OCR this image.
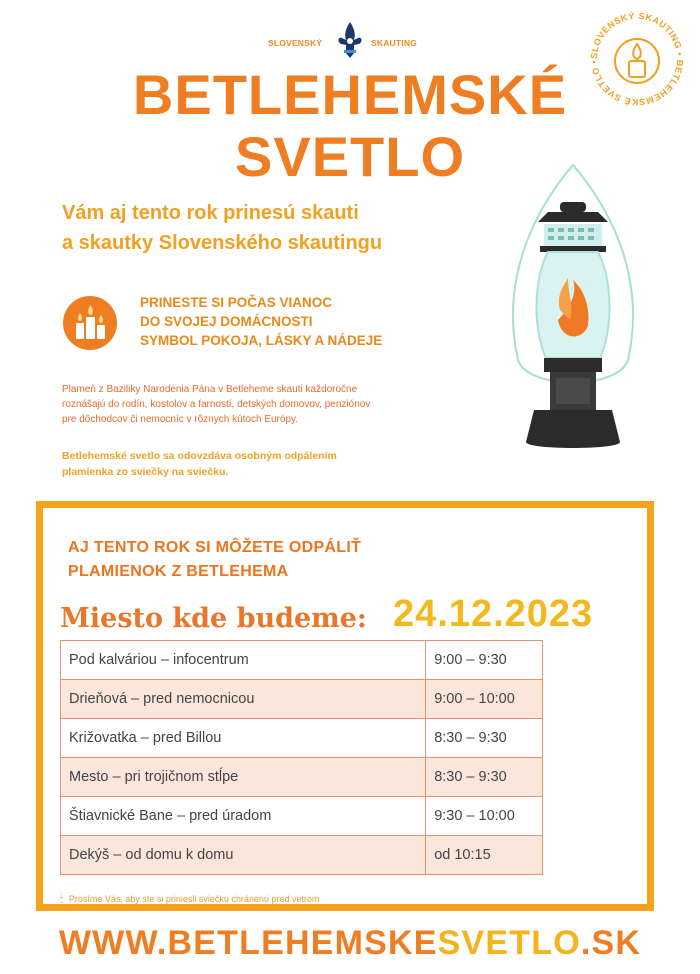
SLOVENSKÝ	SKAUTING
SLOVENSKÝ SKAUTING • BETLEHEMSKÉ SVETLO •
BETLEHEMSKÉ
SVETLO
Vám aj tento rok prinesú skauti
a skautky Slovenského skautingu
PRINESTE SI POČAS VIANOC
DO SVOJEJ DOMÁCNOSTI
SYMBOL POKOJA, LÁSKY A NÁDEJE
Plameň z Baziliky Narodenia Pána v Betleheme skauti každoročne
roznášajú do rodín, kostolov a farností, detských domovov, penziónov
pre dôchodcov či nemocníc v rôznych kútoch Európy.
Betlehemské svetlo sa odovzdáva osobným odpálením
plamienka zo sviečky na sviečku.
AJ TENTO ROK SI MÔŽETE ODPÁLIŤ
PLAMIENOK Z BETLEHEMA
Miesto kde budeme: 24.12.2023
Pod kalváriou – infocentrum	9:00 – 9:30
Drieňová – pred nemocnicou	9:00 – 10:00
Križovatka – pred Billou	8:30 – 9:30
Mesto – pri trojičnom stĺpe	8:30 – 9:30
Štiavnické Bane – pred úradom	9:30 – 10:00
Dekýš – od domu k domu	od 10:15
🕯 Prosíme Vás, aby ste si priniesli sviečku chránenú pred vetrom
WWW.BETLEHEMSKESVETLO.SK
